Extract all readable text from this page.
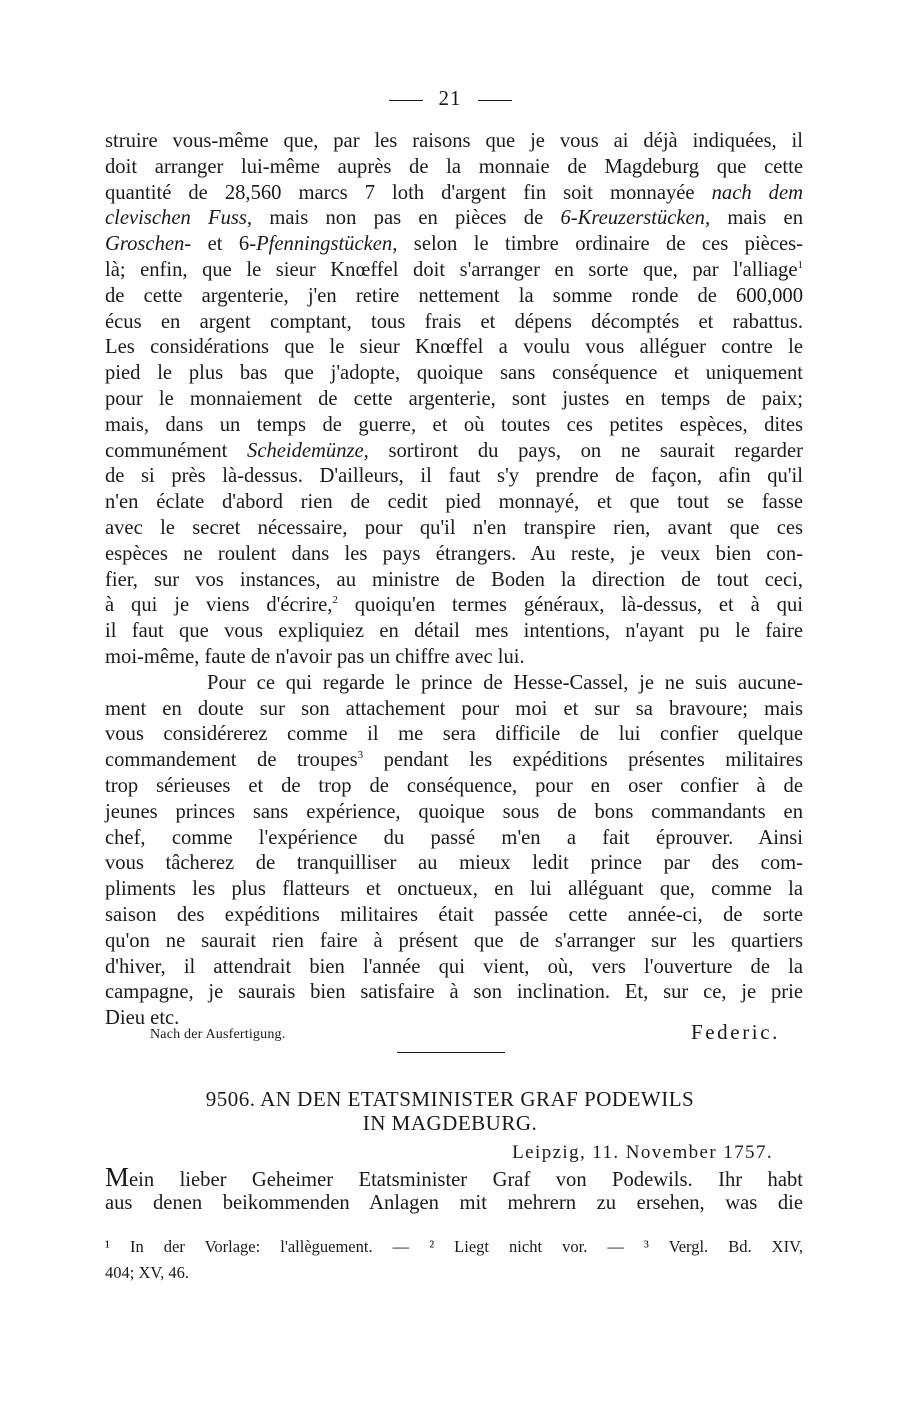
21
struire vous-même que, par les raisons que je vous ai déjà indiquées, il
doit arranger lui-même auprès de la monnaie de Magdeburg que cette
quantité de 28,560 marcs 7 loth d'argent fin soit monnayée nach dem
clevischen Fuss, mais non pas en pièces de 6-Kreuzerstücken, mais en
Groschen- et 6-Pfenningstücken, selon le timbre ordinaire de ces pièces-
là; enfin, que le sieur Knœffel doit s'arranger en sorte que, par l'alliage$^1$
de cette argenterie, j'en retire nettement la somme ronde de 600,000
écus en argent comptant, tous frais et dépens décomptés et rabattus.
Les considérations que le sieur Knœffel a voulu vous alléguer contre le
pied le plus bas que j'adopte, quoique sans conséquence et uniquement
pour le monnaiement de cette argenterie, sont justes en temps de paix;
mais, dans un temps de guerre, et où toutes ces petites espèces, dites
communément Scheidemünze, sortiront du pays, on ne saurait regarder
de si près là-dessus. D'ailleurs, il faut s'y prendre de façon, afin qu'il
n'en éclate d'abord rien de cedit pied monnayé, et que tout se fasse
avec le secret nécessaire, pour qu'il n'en transpire rien, avant que ces
espèces ne roulent dans les pays étrangers. Au reste, je veux bien con-
fier, sur vos instances, au ministre de Boden la direction de tout ceci,
à qui je viens d'écrire,$^2$ quoiqu'en termes généraux, là-dessus, et à qui
il faut que vous expliquiez en détail mes intentions, n'ayant pu le faire
moi-même, faute de n'avoir pas un chiffre avec lui.
Pour ce qui regarde le prince de Hesse-Cassel, je ne suis aucune-
ment en doute sur son attachement pour moi et sur sa bravoure; mais
vous considérerez comme il me sera difficile de lui confier quelque
commandement de troupes$^3$ pendant les expéditions présentes militaires
trop sérieuses et de trop de conséquence, pour en oser confier à de
jeunes princes sans expérience, quoique sous de bons commandants en
chef, comme l'expérience du passé m'en a fait éprouver. Ainsi
vous tâcherez de tranquilliser au mieux ledit prince par des com-
pliments les plus flatteurs et onctueux, en lui alléguant que, comme la
saison des expéditions militaires était passée cette année-ci, de sorte
qu'on ne saurait rien faire à présent que de s'arranger sur les quartiers
d'hiver, il attendrait bien l'année qui vient, où, vers l'ouverture de la
campagne, je saurais bien satisfaire à son inclination. Et, sur ce, je prie
Dieu etc.
Nach der Ausfertigung.	Federic.
9506. AN DEN ETATSMINISTER GRAF PODEWILS
IN MAGDEBURG.
Leipzig, 11. November 1757.
Mein lieber Geheimer Etatsminister Graf von Podewils. Ihr habt
aus denen beikommenden Anlagen mit mehrern zu ersehen, was die
¹ In der Vorlage: l'allèguement. — ² Liegt nicht vor. — ³ Vergl. Bd. XIV,
404; XV, 46.
